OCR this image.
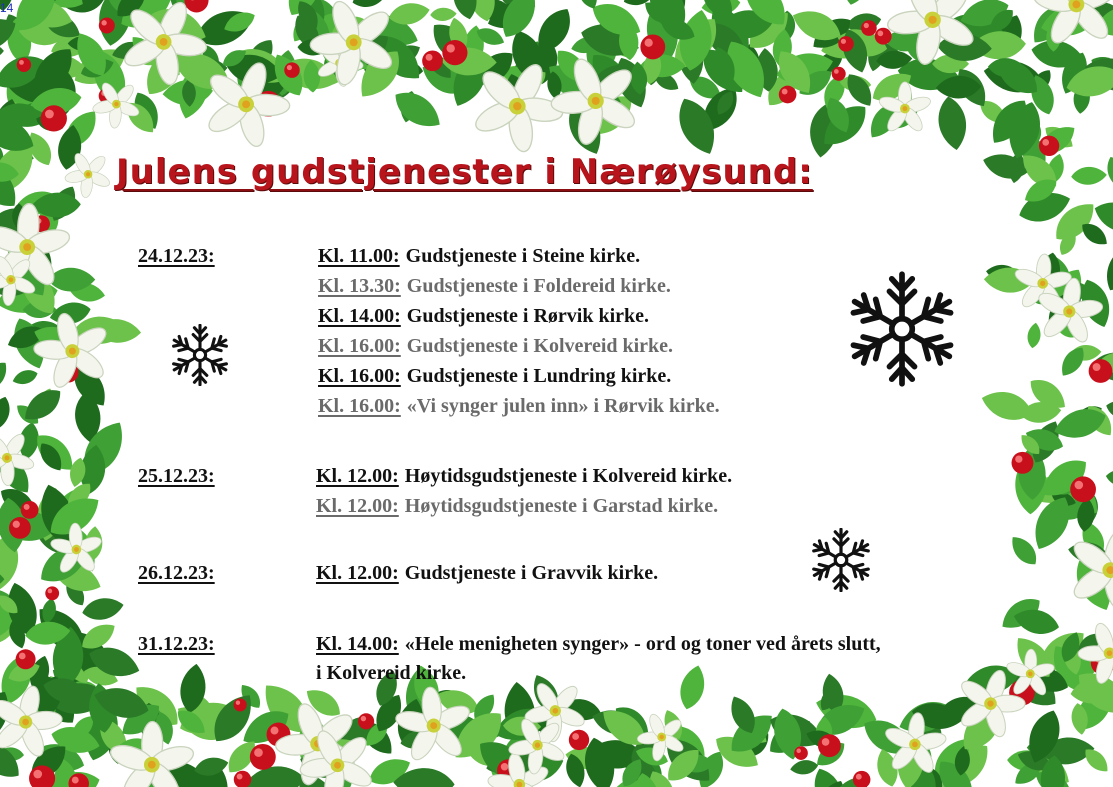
14
Julens gudstjenester i Nærøysund:
24.12.23:	Kl. 11.00: Gudstjeneste i Steine kirke.
Kl. 13.30: Gudstjeneste i Foldereid kirke.
Kl. 14.00: Gudstjeneste i Rørvik kirke.
Kl. 16.00: Gudstjeneste i Kolvereid kirke.
Kl. 16.00: Gudstjeneste i Lundring kirke.
Kl. 16.00: «Vi synger julen inn» i Rørvik kirke.
25.12.23:	Kl. 12.00: Høytidsgudstjeneste i Kolvereid kirke.
Kl. 12.00: Høytidsgudstjeneste i Garstad kirke.
26.12.23:	Kl. 12.00: Gudstjeneste i Gravvik kirke.
31.12.23:	Kl. 14.00: «Hele menigheten synger» - ord og toner ved årets slutt,
i Kolvereid kirke.
